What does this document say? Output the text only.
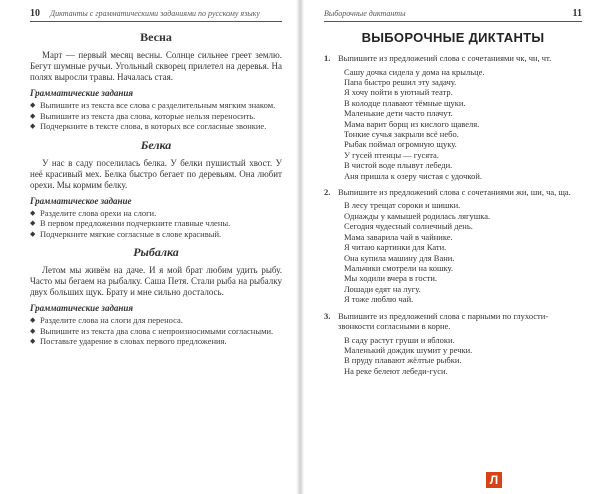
10 Диктанты с грамматическими заданиями по русскому языку
Весна

Март — первый месяц весны. Солнце сильнее греет землю. Бегут шумные ручьи. Угольный скворец прилетел на деревья. На полях выросли травы. Началась стая.

Грамматические задания
◆ Выпишите из текста все слова с разделительным мягким знаком.
◆ Выпишите из текста два слова, которые нельзя переносить.
◆ Подчеркните в тексте слова, в которых все согласные звонкие.
Белка

У нас в саду поселилась белка. У белки пушистый хвост. У неё красивый мех. Белка быстро бегает по деревьям. Она любит орехи. Мы кормим белку.

Грамматическое задание
◆ Разделите слова орехи на слоги.
◆ В первом предложении подчеркните главные члены.
◆ Подчеркните мягкие согласные в слове красивый.
Рыбалка

Летом мы живём на даче. И я мой брат любим удить рыбу. Часто мы бегаем на рыбалку. Саша Петя. Стали рыба на рыбалку двух больших щук. Брату и мне сильно досталось.

Грамматические задания
◆ Разделите слова на слоги для переноса.
◆ Выпишите из текста два слова с непроизносимыми согласными.
◆ Поставьте ударение в словах первого предложения.
Выборочные диктанты	11
ВЫБОРОЧНЫЕ ДИКТАНТЫ
1. Выпишите из предложений слова с сочетаниями чк, чн, чт.

Сашу дочка сидела у дома на крыльце.

Папа быстро решил эту задачу.

Я хочу пойти в уютный театр.

В колодце плавают тёмные щуки.

Маленькие дети часто плачут.

Мама варит борщ из кислого щавеля.

Тонкие сучья закрыли всё небо.

Рыбак поймал огромную щуку.

У гусей птенцы — гусята.

В чистой воде плывут лебеди.

Аня пришла к озеру чистая с удочкой.

2. Выпишите из предложений слова с сочетаниями жи, ши, ча, ща.

В лесу трещат сороки и шишки.

Однажды у камышей родилась лягушка.

Сегодня чудесный солнечный день.

Мама заварила чай в чайнике.

Я читаю картинки для Кати.

Она купила машину для Вани.

Мальчики смотрели на кошку.

Мы ходили вчера в гости.

Лошади едят на лугу.

Я тоже люблю чай.

3. Выпишите из предложений слова с парными по глухости-звонкости согласными в корне.

В саду растут груши и яблоки.

Маленький дождик шумит у речки.

В пруду плавают жёлтые рыбки.

На реке белеют лебеди-гуси.

Л
